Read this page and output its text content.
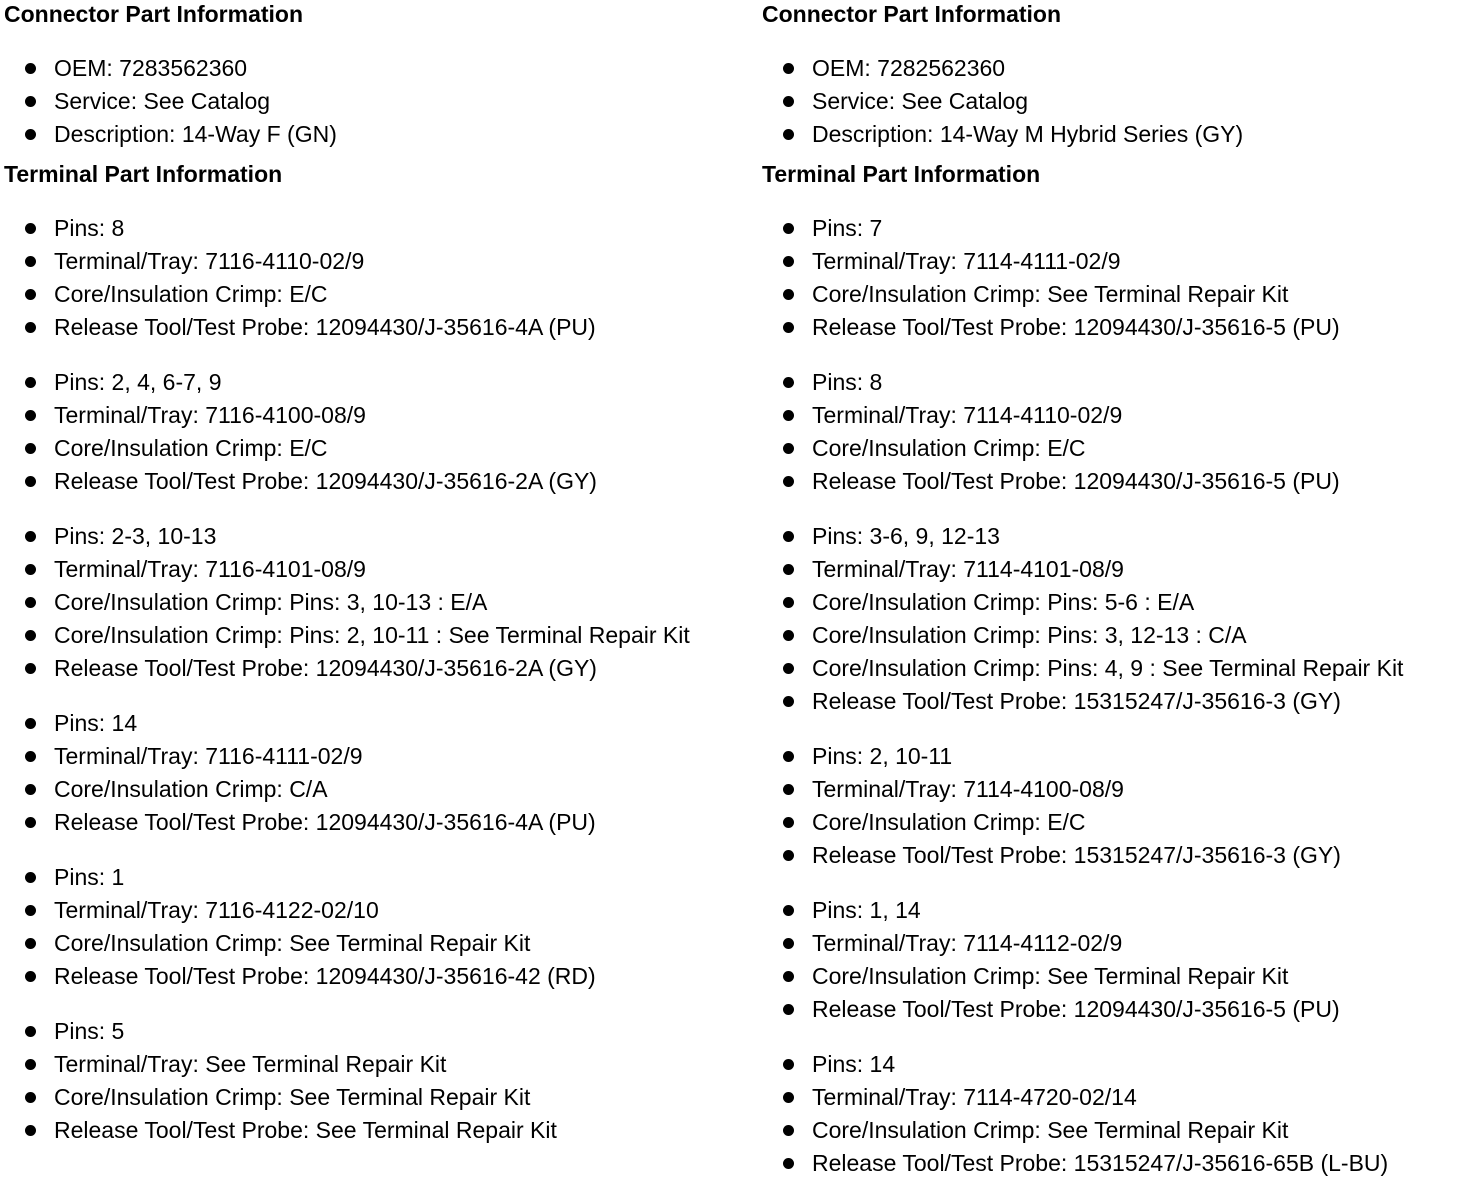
Connector Part Information
OEM: 7283562360
Service: See Catalog
Description: 14-Way F (GN)
Terminal Part Information
Pins: 8
Terminal/Tray: 7116-4110-02/9
Core/Insulation Crimp: E/C
Release Tool/Test Probe: 12094430/J-35616-4A (PU)
Pins: 2, 4, 6-7, 9
Terminal/Tray: 7116-4100-08/9
Core/Insulation Crimp: E/C
Release Tool/Test Probe: 12094430/J-35616-2A (GY)
Pins: 2-3, 10-13
Terminal/Tray: 7116-4101-08/9
Core/Insulation Crimp: Pins: 3, 10-13 : E/A
Core/Insulation Crimp: Pins: 2, 10-11 : See Terminal Repair Kit
Release Tool/Test Probe: 12094430/J-35616-2A (GY)
Pins: 14
Terminal/Tray: 7116-4111-02/9
Core/Insulation Crimp: C/A
Release Tool/Test Probe: 12094430/J-35616-4A (PU)
Pins: 1
Terminal/Tray: 7116-4122-02/10
Core/Insulation Crimp: See Terminal Repair Kit
Release Tool/Test Probe: 12094430/J-35616-42 (RD)
Pins: 5
Terminal/Tray: See Terminal Repair Kit
Core/Insulation Crimp: See Terminal Repair Kit
Release Tool/Test Probe: See Terminal Repair Kit
Connector Part Information
OEM: 7282562360
Service: See Catalog
Description: 14-Way M Hybrid Series (GY)
Terminal Part Information
Pins: 7
Terminal/Tray: 7114-4111-02/9
Core/Insulation Crimp: See Terminal Repair Kit
Release Tool/Test Probe: 12094430/J-35616-5 (PU)
Pins: 8
Terminal/Tray: 7114-4110-02/9
Core/Insulation Crimp: E/C
Release Tool/Test Probe: 12094430/J-35616-5 (PU)
Pins: 3-6, 9, 12-13
Terminal/Tray: 7114-4101-08/9
Core/Insulation Crimp: Pins: 5-6 : E/A
Core/Insulation Crimp: Pins: 3, 12-13 : C/A
Core/Insulation Crimp: Pins: 4, 9 : See Terminal Repair Kit
Release Tool/Test Probe: 15315247/J-35616-3 (GY)
Pins: 2, 10-11
Terminal/Tray: 7114-4100-08/9
Core/Insulation Crimp: E/C
Release Tool/Test Probe: 15315247/J-35616-3 (GY)
Pins: 1, 14
Terminal/Tray: 7114-4112-02/9
Core/Insulation Crimp: See Terminal Repair Kit
Release Tool/Test Probe: 12094430/J-35616-5 (PU)
Pins: 14
Terminal/Tray: 7114-4720-02/14
Core/Insulation Crimp: See Terminal Repair Kit
Release Tool/Test Probe: 15315247/J-35616-65B (L-BU)
